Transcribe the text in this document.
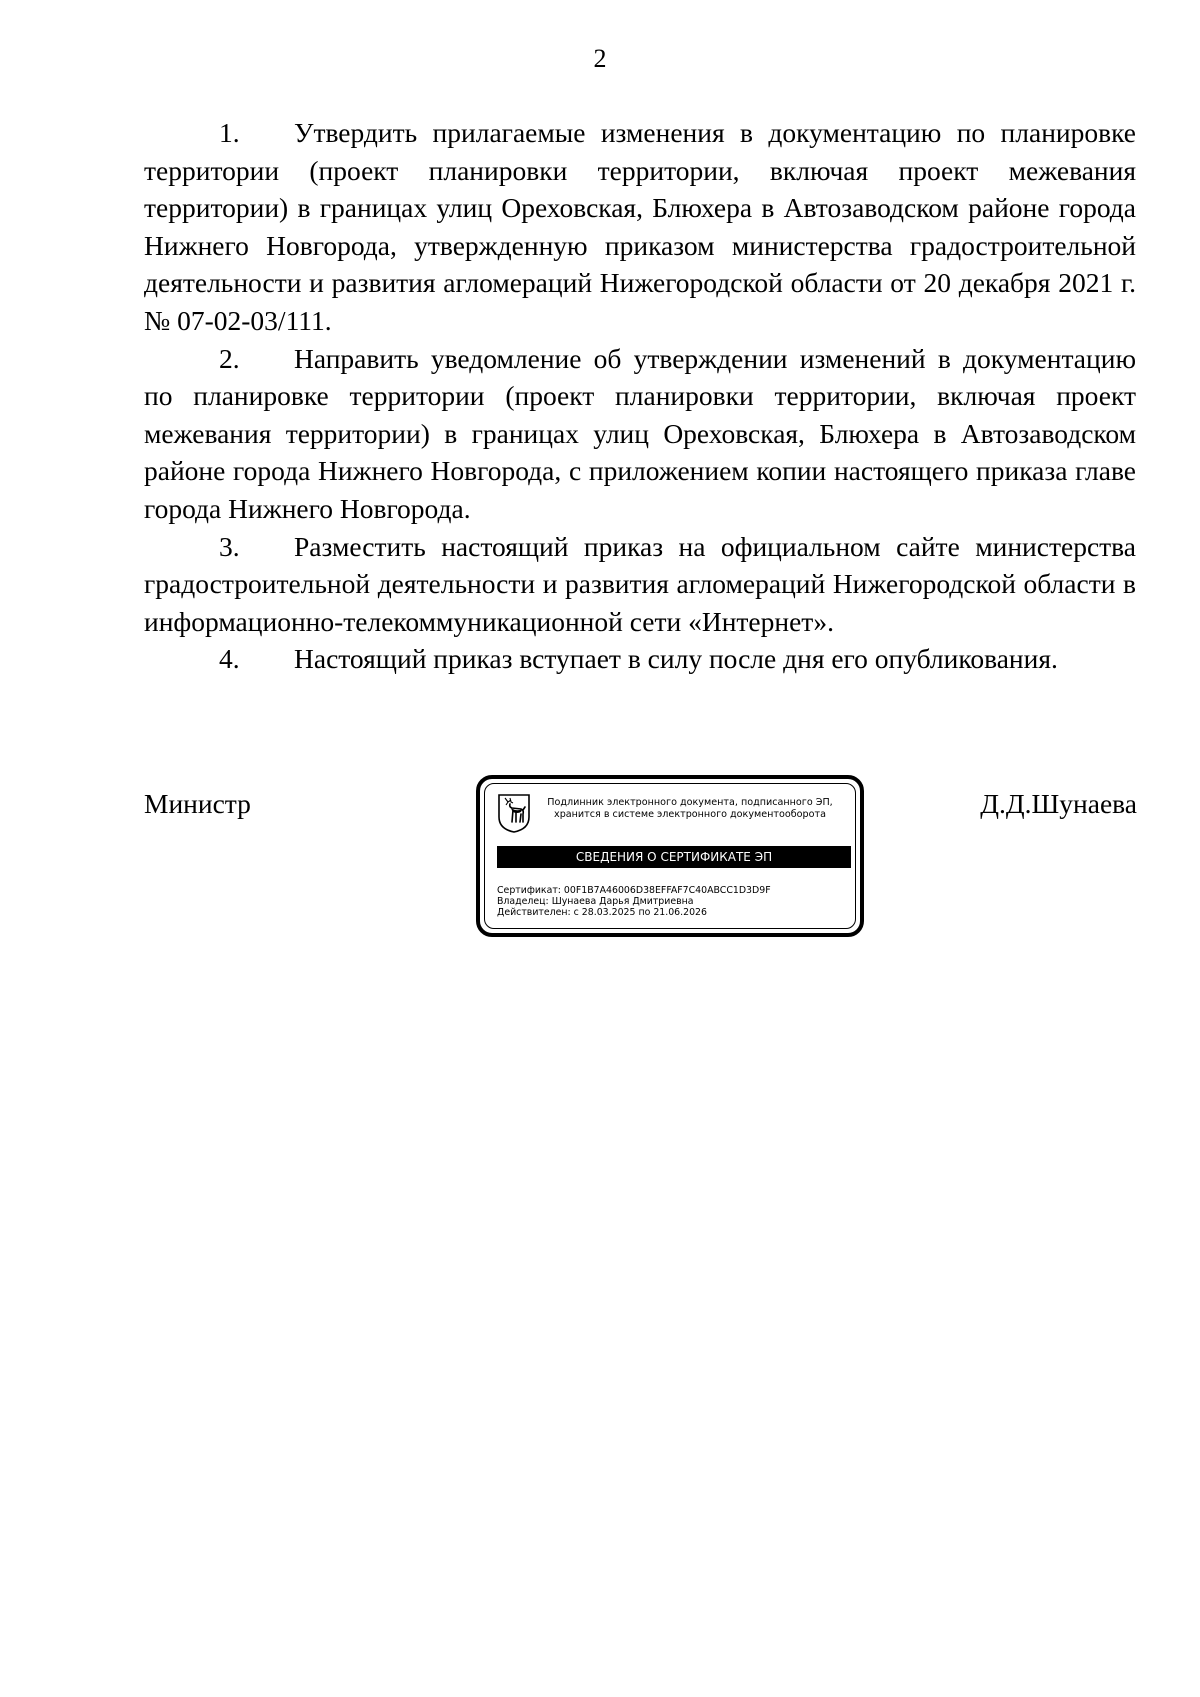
2

1. Утвердить прилагаемые изменения в документацию по планировке территории (проект планировки территории, включая проект межевания территории) в границах улиц Ореховская, Блюхера в Автозаводском районе города Нижнего Новгорода, утвержденную приказом министерства градостроительной деятельности и развития агломераций Нижегородской области от 20 декабря 2021 г. № 07-02-03/111.

2. Направить уведомление об утверждении изменений в документацию по планировке территории (проект планировки территории, включая проект межевания территории) в границах улиц Ореховская, Блюхера в Автозаводском районе города Нижнего Новгорода, с приложением копии настоящего приказа главе города Нижнего Новгорода.

3. Разместить настоящий приказ на официальном сайте министерства градостроительной деятельности и развития агломераций Нижегородской области в информационно-телекоммуникационной сети «Интернет».

4. Настоящий приказ вступает в силу после дня его опубликования.

Министр	Д.Д.Шунаева
Подлинник электронного документа, подписанного ЭП,
хранится в системе электронного документооборота
СВЕДЕНИЯ О СЕРТИФИКАТЕ ЭП
Сертификат: 00F1B7A46006D38EFFAF7C40ABCC1D3D9F
Владелец: Шунаева Дарья Дмитриевна
Действителен: с 28.03.2025 по 21.06.2026
